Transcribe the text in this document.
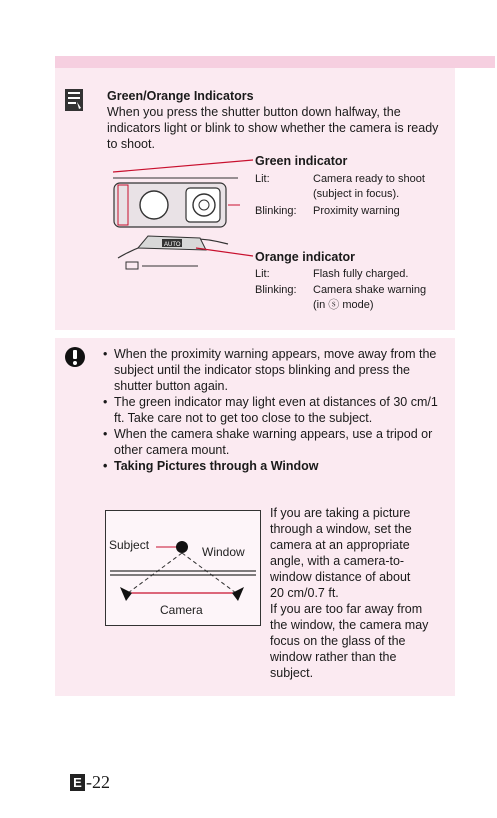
Green/Orange Indicators

When you press the shutter button down halfway, the indicators light or blink to show whether the camera is ready to shoot.

AUTO
Green indicator
Lit:	Camera ready to shoot
(subject in focus).
Blinking: Proximity warning
Orange indicator
Lit:	Flash fully charged.
Blinking: Camera shake warning
(in ⓢ mode)
• When the proximity warning appears, move away from the subject until the indicator stops blinking and press the shutter button again.
• The green indicator may light even at distances of 30 cm/1 ft. Take care not to get too close to the subject.
• When the camera shake warning appears, use a tripod or other camera mount.
• Taking Pictures through a Window
Subject	Window
Camera
If you are taking a picture
through a window, set the
camera at an appropriate
angle, with a camera-to-
window distance of about
20 cm/0.7 ft.
If you are too far away from
the window, the camera may
focus on the glass of the
window rather than the
subject.
E -22
